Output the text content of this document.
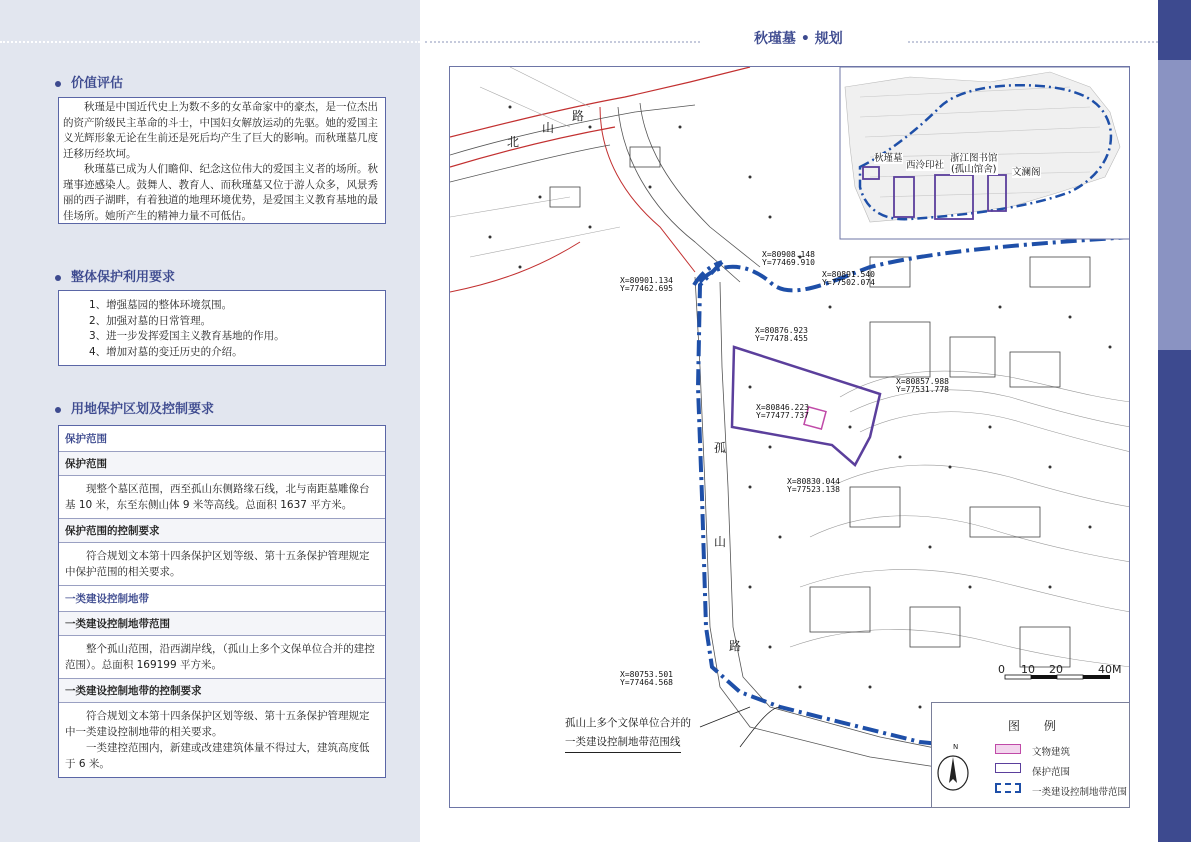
价值评估

秋瑾是中国近代史上为数不多的女革命家中的豪杰，是一位杰出的资产阶级民主革命的斗士，中国妇女解放运动的先驱。她的爱国主义光辉形象无论在生前还是死后均产生了巨大的影响。而秋瑾墓几度迁移历经坎坷。

秋瑾墓已成为人们瞻仰、纪念这位伟大的爱国主义者的场所。秋瑾事迹感染人。鼓舞人、教育人、而秋瑾墓又位于游人众多，风景秀丽的西子湖畔，有着独道的地理环境优势，是爱国主义教育基地的最佳场所。她所产生的精神力量不可低估。

整体保护利用要求

1、增强墓园的整体环境氛围。

2、加强对墓的日常管理。

3、进一步发挥爱国主义教育基地的作用。

4、增加对墓的变迁历史的介绍。

用地保护区划及控制要求
保护范围
保护范围
现整个墓区范围，西至孤山东侧路缘石线，北与南距墓雕像台基 10 米，东至东侧山体 9 米等高线。总面积 1637 平方米。
保护范围的控制要求
符合规划文本第十四条保护区划等级、第十五条保护管理规定中保护范围的相关要求。
一类建设控制地带
一类建设控制地带范围
整个孤山范围，沿西湖岸线，（孤山上多个文保单位合并的建控范围）。总面积 169199 平方米。
一类建设控制地带的控制要求

符合规划文本第十四条保护区划等级、第十五条保护管理规定中一类建设控制地带的相关要求。

一类建控范围内，新建或改建建筑体量不得过大，建筑高度低于 6 米。

秋瑾墓 • 规划
北
山
路
孤
山
路
X=80908.148
Y=77469.910
X=80901.134
Y=77462.695
X=80891.540
Y=77502.074
X=80876.923
Y=77478.455
X=80857.988
Y=77531.778
X=80846.223
Y=77477.737
X=80830.044
Y=77523.138
X=80753.501
Y=77464.568
秋瑾墓
西泠印社
浙江图书馆
(孤山馆舍) 文澜阁
0 10 20	40M
孤山上多个文保单位合并的
一类建设控制地带范围线
图 例
N	文物建筑
保护范围
一类建设控制地带范围
